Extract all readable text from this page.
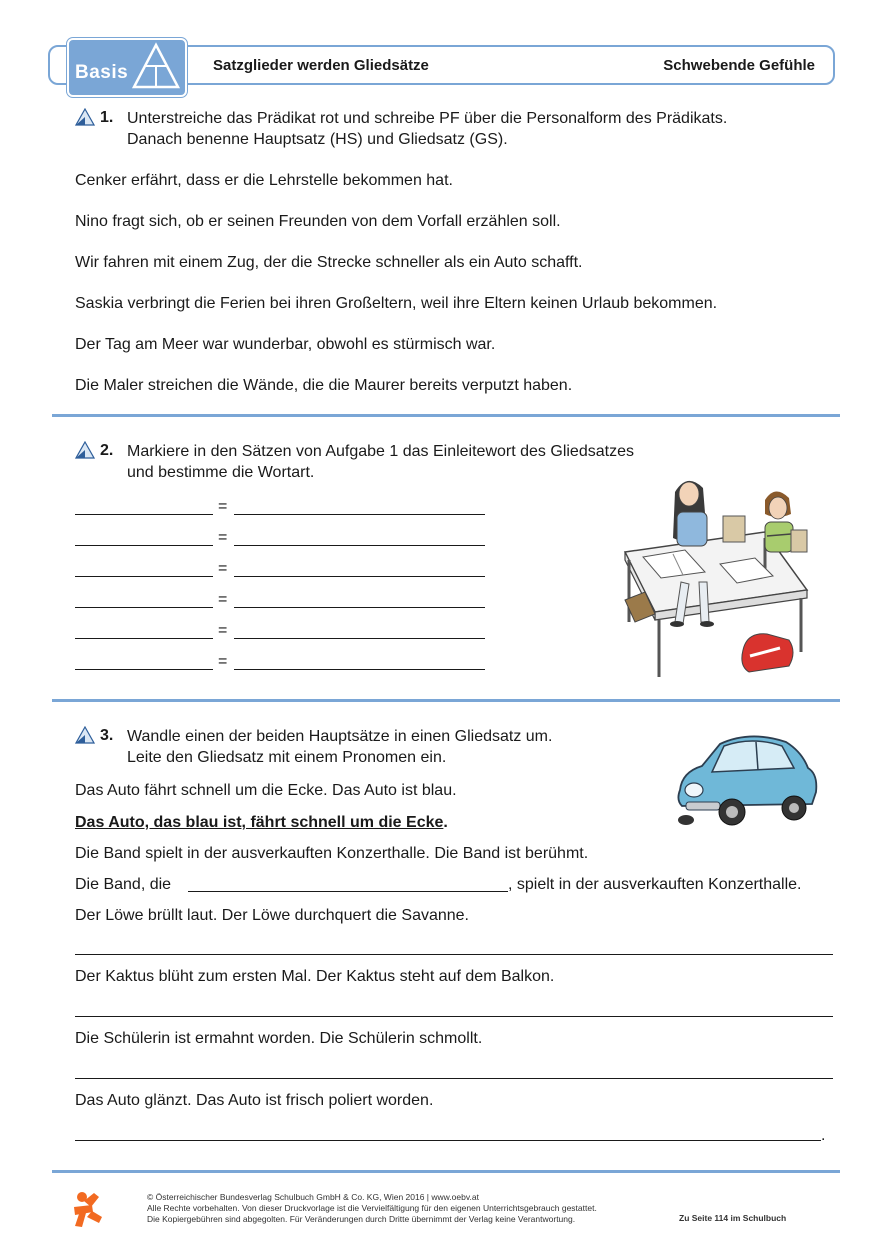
Basis	Satzglieder werden Gliedsätze	Schwebende Gefühle
1. Unterstreiche das Prädikat rot und schreibe PF über die Personalform des Prädikats.
Danach benenne Hauptsatz (HS) und Gliedsatz (GS).
Cenker erfährt, dass er die Lehrstelle bekommen hat.
Nino fragt sich, ob er seinen Freunden von dem Vorfall erzählen soll.
Wir fahren mit einem Zug, der die Strecke schneller als ein Auto schafft.
Saskia verbringt die Ferien bei ihren Großeltern, weil ihre Eltern keinen Urlaub bekommen.
Der Tag am Meer war wunderbar, obwohl es stürmisch war.
Die Maler streichen die Wände, die die Maurer bereits verputzt haben.
2. Markiere in den Sätzen von Aufgabe 1 das Einleitewort des Gliedsatzes
und bestimme die Wortart.
=
=
=
=
=
=
3. Wandle einen der beiden Hauptsätze in einen Gliedsatz um.
Leite den Gliedsatz mit einem Pronomen ein.
Das Auto fährt schnell um die Ecke. Das Auto ist blau.
Das Auto, das blau ist, fährt schnell um die Ecke.
Die Band spielt in der ausverkauften Konzerthalle. Die Band ist berühmt.
Die Band, die	, spielt in der ausverkauften Konzerthalle.
Der Löwe brüllt laut. Der Löwe durchquert die Savanne.
Der Kaktus blüht zum ersten Mal. Der Kaktus steht auf dem Balkon.
Die Schülerin ist ermahnt worden. Die Schülerin schmollt.
Das Auto glänzt. Das Auto ist frisch poliert worden.
.
© Österreichischer Bundesverlag Schulbuch GmbH & Co. KG, Wien 2016 | www.oebv.at
Alle Rechte vorbehalten. Von dieser Druckvorlage ist die Vervielfältigung für den eigenen Unterrichtsgebrauch gestattet.
Die Kopiergebühren sind abgegolten. Für Veränderungen durch Dritte übernimmt der Verlag keine Verantwortung.	Zu Seite 114 im Schulbuch
